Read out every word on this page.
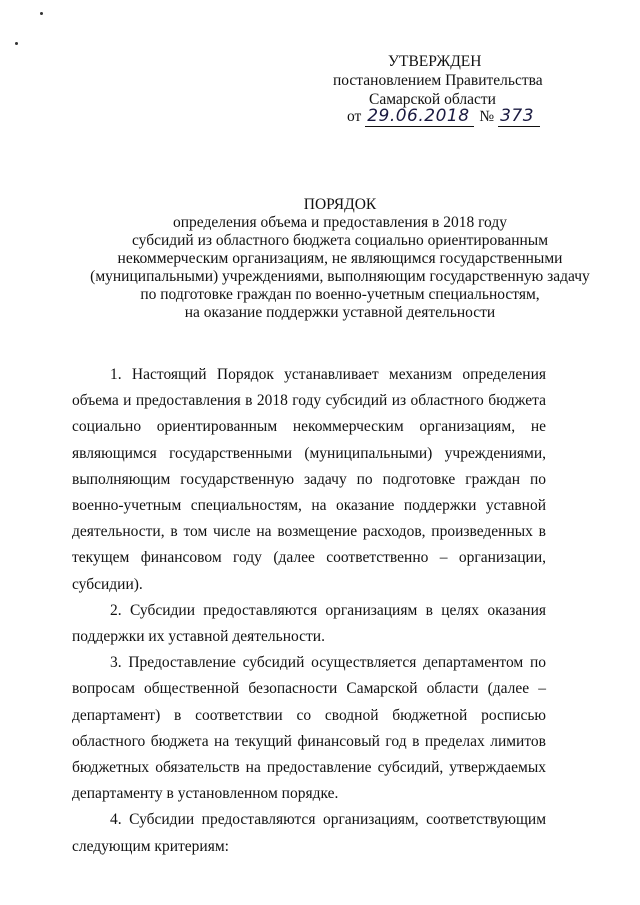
УТВЕРЖДЕН
постановлением Правительства
Самарской области
от 29.06.2018 № 373
ПОРЯДОК
определения объема и предоставления в 2018 году
субсидий из областного бюджета социально ориентированным
некоммерческим организациям, не являющимся государственными
(муниципальными) учреждениями, выполняющим государственную задачу
по подготовке граждан по военно-учетным специальностям,
на оказание поддержки уставной деятельности

1. Настоящий Порядок устанавливает механизм определения объема и предоставления в 2018 году субсидий из областного бюджета социально ориентированным некоммерческим организациям, не являющимся государственными (муниципальными) учреждениями, выполняющим государственную задачу по подготовке граждан по военно-учетным специальностям, на оказание поддержки уставной деятельности, в том числе на возмещение расходов, произведенных в текущем финансовом году (далее соответственно – организации, субсидии).

2. Субсидии предоставляются организациям в целях оказания поддержки их уставной деятельности.

3. Предоставление субсидий осуществляется департаментом по вопросам общественной безопасности Самарской области (далее – департамент) в соответствии со сводной бюджетной росписью областного бюджета на текущий финансовый год в пределах лимитов бюджетных обязательств на предоставление субсидий, утверждаемых департаменту в установленном порядке.

4. Субсидии предоставляются организациям, соответствующим следующим критериям:
